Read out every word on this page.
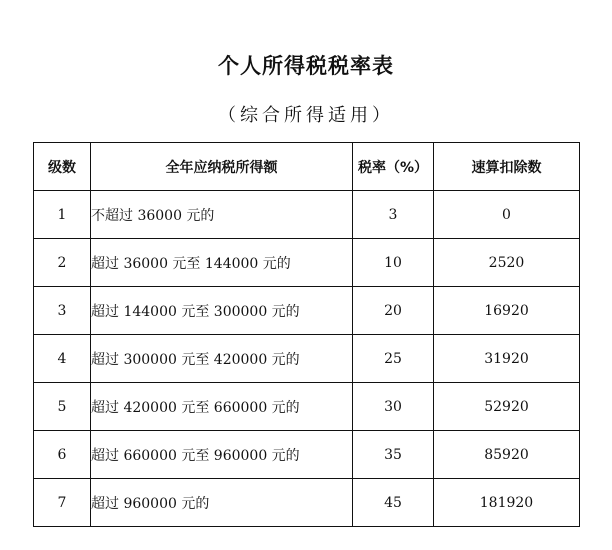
个人所得税税率表
（综合所得适用）
级数	全年应纳税所得额	税率（%）	速算扣除数
1	不超过 36000 元的	3	0
2	超过 36000 元至 144000 元的	10	2520
3	超过 144000 元至 300000 元的	20	16920
4	超过 300000 元至 420000 元的	25	31920
5	超过 420000 元至 660000 元的	30	52920
6	超过 660000 元至 960000 元的	35	85920
7	超过 960000 元的	45	181920
